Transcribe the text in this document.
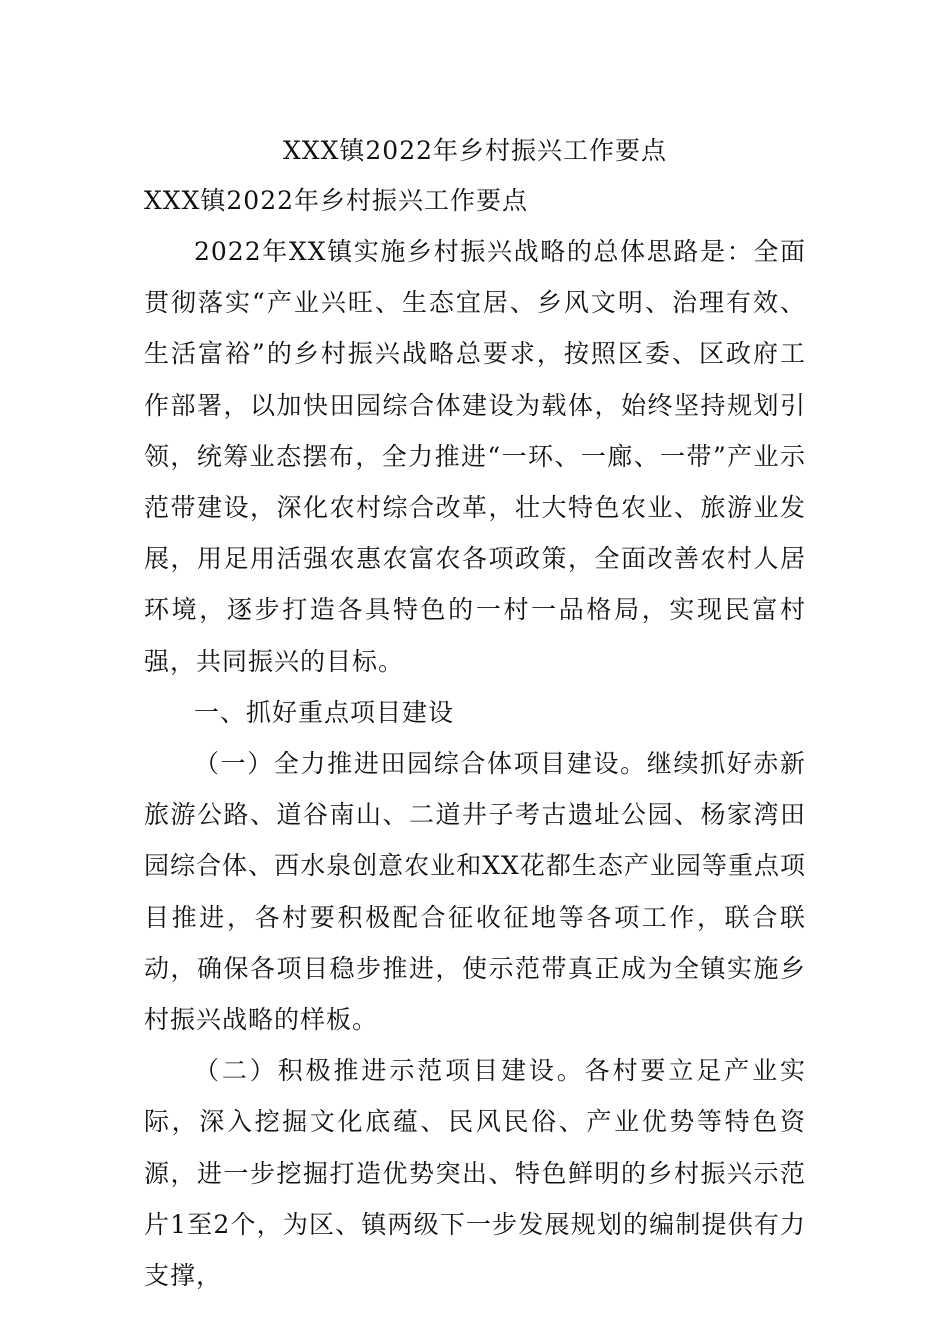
XXX镇2022年乡村振兴工作要点
XXX镇2022年乡村振兴工作要点

2022年XX镇实施乡村振兴战略的总体思路是：全面贯彻落实“产业兴旺、生态宜居、乡风文明、治理有效、生活富裕”的乡村振兴战略总要求，按照区委、区政府工作部署，以加快田园综合体建设为载体，始终坚持规划引领，统筹业态摆布，全力推进“一环、一廊、一带”产业示范带建设，深化农村综合改革，壮大特色农业、旅游业发展，用足用活强农惠农富农各项政策，全面改善农村人居环境，逐步打造各具特色的一村一品格局，实现民富村强，共同振兴的目标。

一、抓好重点项目建设

（一）全力推进田园综合体项目建设。继续抓好赤新旅游公路、道谷南山、二道井子考古遗址公园、杨家湾田园综合体、西水泉创意农业和XX花都生态产业园等重点项目推进，各村要积极配合征收征地等各项工作，联合联动，确保各项目稳步推进，使示范带真正成为全镇实施乡村振兴战略的样板。

（二）积极推进示范项目建设。各村要立足产业实际，深入挖掘文化底蕴、民风民俗、产业优势等特色资源，进一步挖掘打造优势突出、特色鲜明的乡村振兴示范片1至2个，为区、镇两级下一步发展规划的编制提供有力支撑，
